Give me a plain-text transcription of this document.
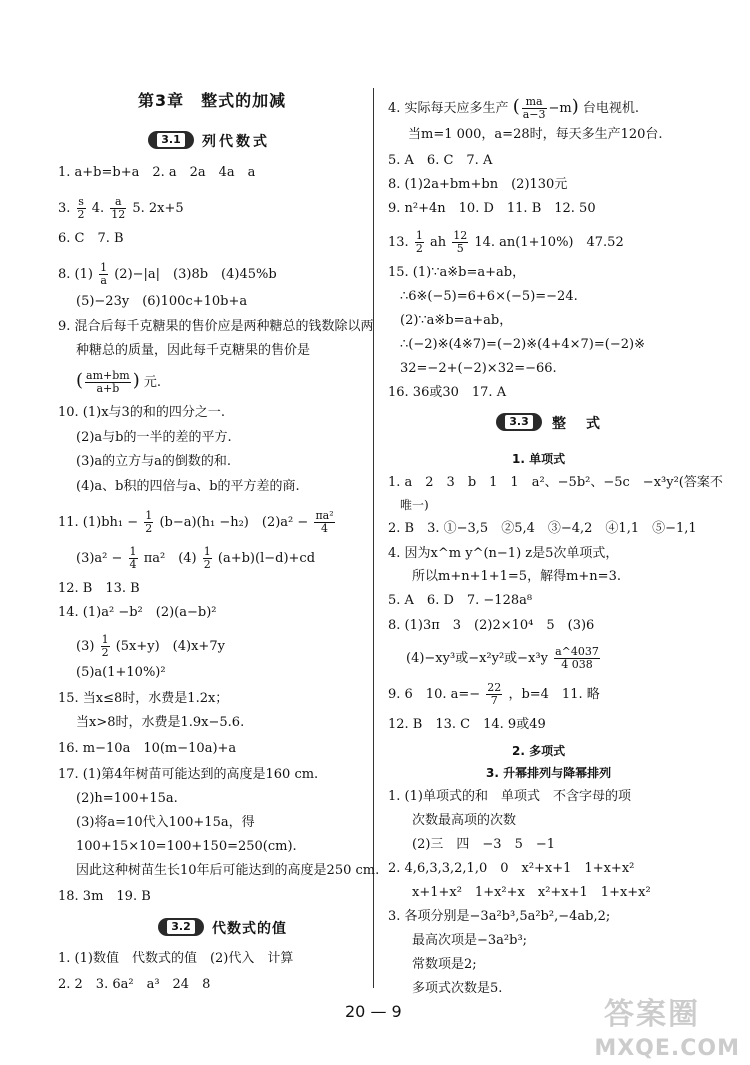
第3章　整式的加减
3.1	列代数式
1. a+b=b+a　2. a　2a　4a　a
3. $\frac{s}{2} 4$. $\frac{a}{12} 5$. 2x+5
6. C　7. B
8. $(1) \frac{1}{a} (2)-|a|$　(3)8b　(4)45%b
(5)−23y　(6)100c+10b+a
9. 混合后每千克糖果的售价应是两种糖总的钱数除以两
种糖总的质量，因此每千克糖果的售价是
( $\frac{am+bm}{a+b}$ ) 元.
10. (1)x与3的和的四分之一.
(2)a与b的一半的差的平方.
(3)a的立方与a的倒数的和.
(4)a、b积的四倍与a、b的平方差的商.
11. $(1)bh_1 - \frac{1}{2} (b-a)(h_1 -h_2)$　$(2)a^2 - \frac{\text{πa²}}{4}$
$(3)a^2 - \frac{1}{4} \pi a^2$　$(4) \frac{1}{2} (a+b)(l-d)+cd$
12. B　13. B
14. (1)a² −b²　(2)(a−b)²
$(3) \frac{1}{2} (5x+y)$　(4)x+7y
(5)a(1+10%)²
15. 当x≤8时，水费是1.2x；
当x>8时，水费是1.9x−5.6.
16. m−10a　10(m−10a)+a
17. (1)第4年树苗可能达到的高度是160 cm.
(2)h=100+15a.
(3)将a=10代入100+15a，得
100+15×10=100+150=250(cm).
因此这种树苗生长10年后可能达到的高度是250 cm.
18. 3m　19. B
3.2	代数式的值
1. (1)数值　代数式的值　(2)代入　计算
2. 2　3. 6a²　a³　24　8
4. 实际每天应多生产 ( $\frac{ma}{a-3} -m$) 台电视机.
当m=1 000，a=28时，每天多生产120台.
5. A　6. C　7. A
8. (1)2a+bm+bn　(2)130元
9. n²+4n　10. D　11. B　12. 50
13. $\frac{1}{2}$ ah $\frac{12}{5} 14$. an(1+10%)　47.52
15. (1)∵a※b=a+ab，
∴6※(−5)=6+6×(−5)=−24.
(2)∵a※b=a+ab，
∴(−2)※(4※7)=(−2)※(4+4×7)=(−2)※
32=−2+(−2)×32=−66.
16. 36或30　17. A
3.3	整　式
1. 单项式
1. a　2　3　b　1　1　a²、−5b²、−5c　−x³y²(答案不
唯一)
2. B　3. ①−3,5　②5,4　③−4,2　④1,1　⑤−1,1
4. 因为x^m y^(n−1) z是5次单项式，
所以m+n+1+1=5，解得m+n=3.
5. A　6. D　7. −128a⁸
8. (1)3π　3　(2)2×10⁴　5　(3)6
(4)−xy³或−x²y²或$-x^3y \frac{a\^{}4037}{4 038}$
9. 6　10. $a=- \frac{22}{7}$ ，b=4　11. 略
12. B　13. C　14. 9或49
2. 多项式
3. 升幂排列与降幂排列
1. (1)单项式的和　单项式　不含字母的项
次数最高项的次数
(2)三　四　−3　5　−1
2. 4,6,3,3,2,1,0　0　x²+x+1　1+x+x²
x+1+x²　1+x²+x　x²+x+1　1+x+x²
3. 各项分别是−3a²b³,5a²b²,−4ab,2;
最高次项是−3a²b³;
常数项是2;
多项式次数是5.
20 — 9	答案圈
MXQE.COM
